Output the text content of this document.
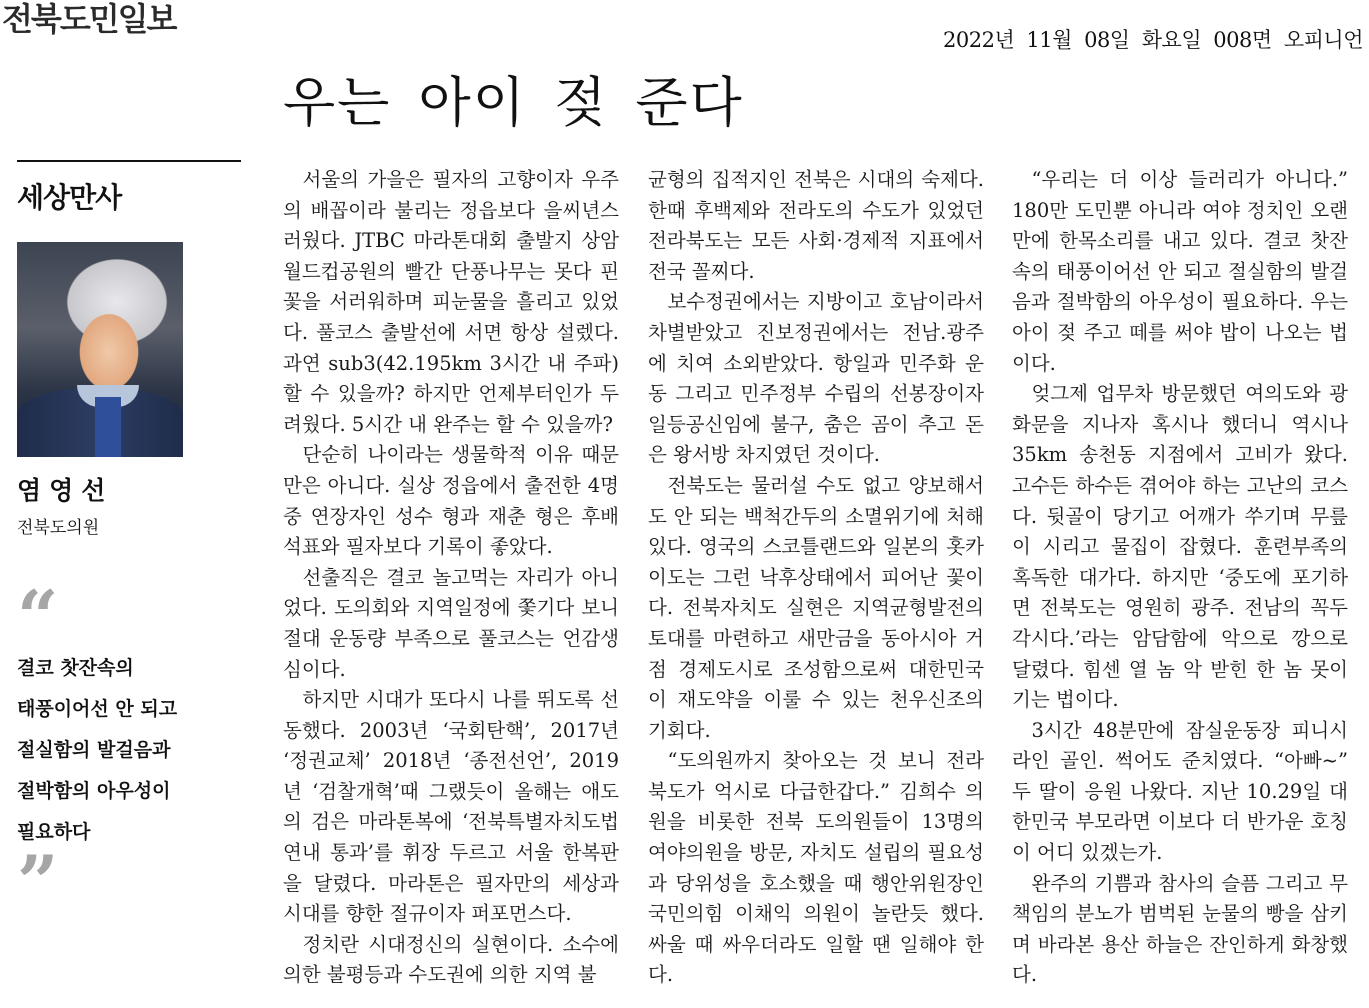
전북도민일보
2022년 11월 08일 화요일 008면 오피니언
우는 아이 젖 준다
세상만사
염영선
전북도의원
“
결코 찻잔속의
태풍이어선 안 되고
절실함의 발걸음과
절박함의 아우성이
필요하다
”

서울의 가을은 필자의 고향이자 우주의 배꼽이라 불리는 정읍보다 을씨년스러웠다. JTBC 마라톤대회 출발지 상암 월드컵공원의 빨간 단풍나무는 못다 핀 꽃을 서러워하며 피눈물을 흘리고 있었다. 풀코스 출발선에 서면 항상 설렜다. 과연 sub3(42.195km 3시간 내 주파) 할 수 있을까? 하지만 언제부터인가 두려웠다. 5시간 내 완주는 할 수 있을까?

단순히 나이라는 생물학적 이유 때문만은 아니다. 실상 정읍에서 출전한 4명 중 연장자인 성수 형과 재춘 형은 후배 석표와 필자보다 기록이 좋았다.

선출직은 결코 놀고먹는 자리가 아니었다. 도의회와 지역일정에 쫓기다 보니 절대 운동량 부족으로 풀코스는 언감생심이다.

하지만 시대가 또다시 나를 뛰도록 선동했다. 2003년 ‘국회탄핵’, 2017년 ‘정권교체’ 2018년 ‘종전선언’, 2019년 ‘검찰개혁’때 그랬듯이 올해는 애도의 검은 마라톤복에 ‘전북특별자치도법 연내 통과’를 휘장 두르고 서울 한복판을 달렸다. 마라톤은 필자만의 세상과 시대를 향한 절규이자 퍼포먼스다.

정치란 시대정신의 실현이다. 소수에 의한 불평등과 수도권에 의한 지역 불

균형의 집적지인 전북은 시대의 숙제다. 한때 후백제와 전라도의 수도가 있었던 전라북도는 모든 사회·경제적 지표에서 전국 꼴찌다.

보수정권에서는 지방이고 호남이라서 차별받았고 진보정권에서는 전남.광주에 치여 소외받았다. 항일과 민주화 운동 그리고 민주정부 수립의 선봉장이자 일등공신임에 불구, 춤은 곰이 추고 돈은 왕서방 차지였던 것이다.

전북도는 물러설 수도 없고 양보해서도 안 되는 백척간두의 소멸위기에 처해있다. 영국의 스코틀랜드와 일본의 홋카이도는 그런 낙후상태에서 피어난 꽃이다. 전북자치도 실현은 지역균형발전의 토대를 마련하고 새만금을 동아시아 거점 경제도시로 조성함으로써 대한민국이 재도약을 이룰 수 있는 천우신조의 기회다.

“도의원까지 찾아오는 것 보니 전라북도가 억시로 다급한갑다.” 김희수 의원을 비롯한 전북 도의원들이 13명의 여야의원을 방문, 자치도 설립의 필요성과 당위성을 호소했을 때 행안위원장인 국민의힘 이채익 의원이 놀란듯 했다. 싸울 때 싸우더라도 일할 땐 일해야 한다.

“우리는 더 이상 들러리가 아니다.” 180만 도민뿐 아니라 여야 정치인 오랜만에 한목소리를 내고 있다. 결코 찻잔속의 태풍이어선 안 되고 절실함의 발걸음과 절박함의 아우성이 필요하다. 우는 아이 젖 주고 떼를 써야 밥이 나오는 법이다.

엊그제 업무차 방문했던 여의도와 광화문을 지나자 혹시나 했더니 역시나 35km 송천동 지점에서 고비가 왔다. 고수든 하수든 겪어야 하는 고난의 코스다. 뒷골이 당기고 어깨가 쑤기며 무릎이 시리고 물집이 잡혔다. 훈련부족의 혹독한 대가다. 하지만 ‘중도에 포기하면 전북도는 영원히 광주. 전남의 꼭두각시다.’라는 암담함에 악으로 깡으로 달렸다. 힘센 열 놈 악 받힌 한 놈 못이기는 법이다.

3시간 48분만에 잠실운동장 피니시라인 골인. 썩어도 준치였다. “아빠~” 두 딸이 응원 나왔다. 지난 10.29일 대한민국 부모라면 이보다 더 반가운 호칭이 어디 있겠는가.

완주의 기쁨과 참사의 슬픔 그리고 무책임의 분노가 범벅된 눈물의 빵을 삼키며 바라본 용산 하늘은 잔인하게 화창했다.
